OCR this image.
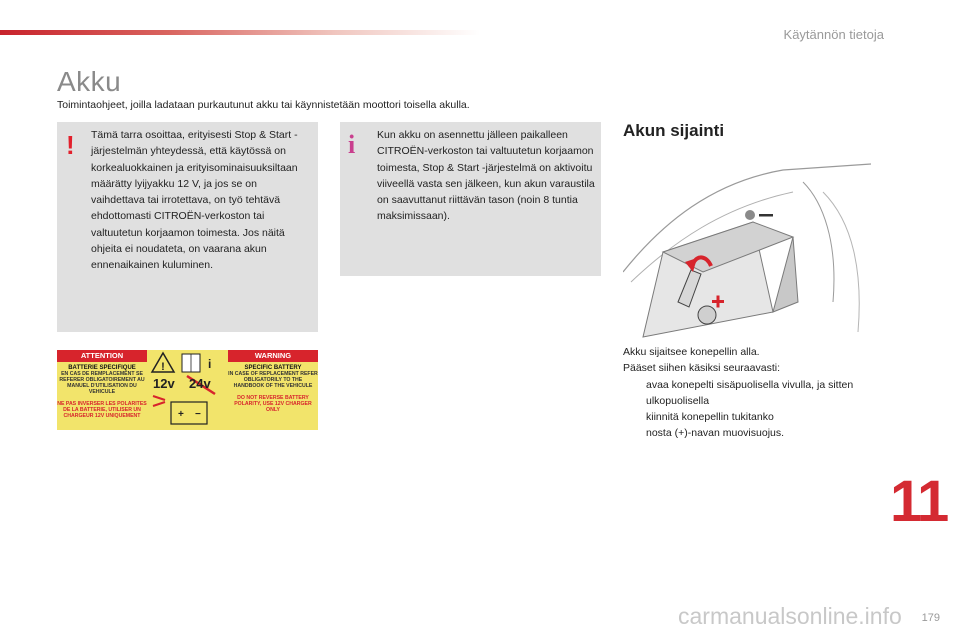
Käytännön tietoja
Akku
Toimintaohjeet, joilla ladataan purkautunut akku tai käynnistetään moottori toisella akulla.
! Tämä tarra osoittaa, erityisesti Stop & Start -järjestelmän yhteydessä, että käytössä on korkealuokkainen ja erityisominaisuuksiltaan määrätty lyijyakku 12 V, ja jos se on vaihdettava tai irrotettava, on työ tehtävä ehdottomasti CITROËN-verkoston tai valtuutetun korjaamon toimesta. Jos näitä ohjeita ei noudateta, on vaarana akun ennenaikainen kuluminen.

i Kun akku on asennettu jälleen paikalleen CITROËN-verkoston tai valtuutetun korjaamon toimesta, Stop & Start -järjestelmä on aktivoitu viiveellä vasta sen jälkeen, kun akun varaustila on saavuttanut riittävän tason (noin 8 tuntia maksimissaan).

ATTENTION	WARNING
BATTERIE SPECIFIQUE
EN CAS DE REMPLACEMENT SE REFERER OBLIGATOIREMENT AU MANUEL D'UTILISATION DU VEHICULE
NE PAS INVERSER LES POLARITES DE LA BATTERIE, UTILISER UN CHARGEUR 12V UNIQUEMENT
!	i
+ −
12v 24v
SPECIFIC BATTERY
IN CASE OF REPLACEMENT REFER OBLIGATORILY TO THE HANDBOOK OF THE VEHICULE
DO NOT REVERSE BATTERY POLARITY, USE 12V CHARGER ONLY
Akun sijainti

Akku sijaitsee konepellin alla.

Pääset siihen käsiksi seuraavasti:

avaa konepelti sisäpuolisella vivulla, ja sitten ulkopuolisella

kiinnitä konepellin tukitanko

nosta (+)-navan muovisuojus.

11
carmanualsonline.info 179
